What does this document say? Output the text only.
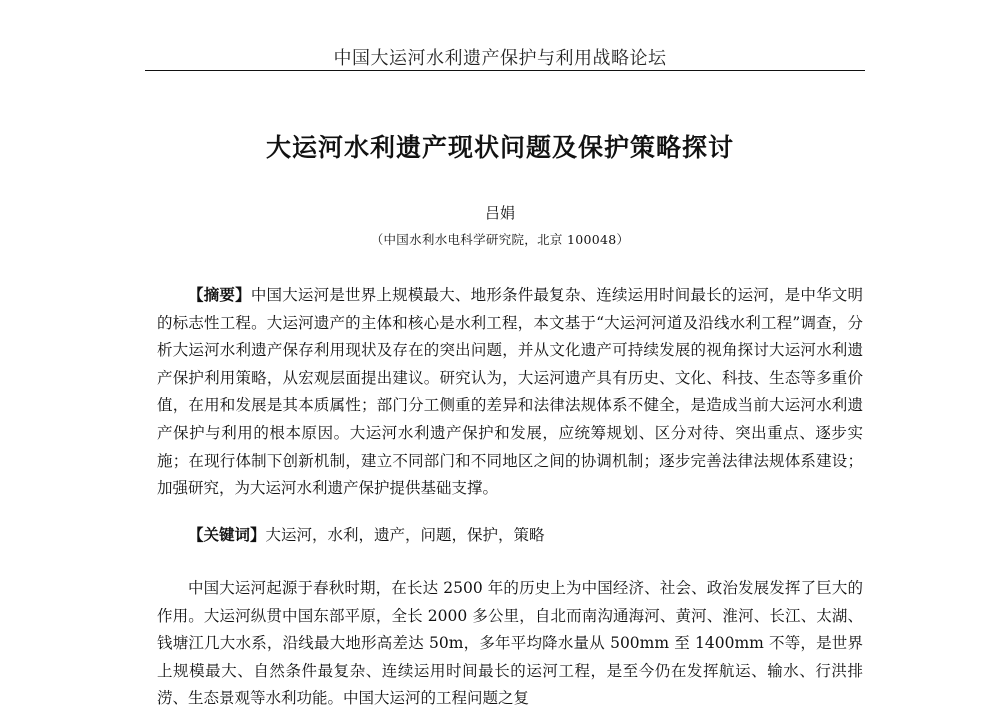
中国大运河水利遗产保护与利用战略论坛
大运河水利遗产现状问题及保护策略探讨
吕娟
（中国水利水电科学研究院，北京 100048）
【摘要】中国大运河是世界上规模最大、地形条件最复杂、连续运用时间最长的运河，是中华文明的标志性工程。大运河遗产的主体和核心是水利工程，本文基于“大运河河道及沿线水利工程”调查，分析大运河水利遗产保存利用现状及存在的突出问题，并从文化遗产可持续发展的视角探讨大运河水利遗产保护利用策略，从宏观层面提出建议。研究认为，大运河遗产具有历史、文化、科技、生态等多重价值，在用和发展是其本质属性；部门分工侧重的差异和法律法规体系不健全，是造成当前大运河水利遗产保护与利用的根本原因。大运河水利遗产保护和发展，应统筹规划、区分对待、突出重点、逐步实施；在现行体制下创新机制，建立不同部门和不同地区之间的协调机制；逐步完善法律法规体系建设；加强研究，为大运河水利遗产保护提供基础支撑。
【关键词】大运河，水利，遗产，问题，保护，策略
中国大运河起源于春秋时期，在长达 2500 年的历史上为中国经济、社会、政治发展发挥了巨大的作用。大运河纵贯中国东部平原，全长 2000 多公里，自北而南沟通海河、黄河、淮河、长江、太湖、钱塘江几大水系，沿线最大地形高差达 50m，多年平均降水量从 500mm 至 1400mm 不等，是世界上规模最大、自然条件最复杂、连续运用时间最长的运河工程，是至今仍在发挥航运、输水、行洪排涝、生态景观等水利功能。中国大运河的工程问题之复
